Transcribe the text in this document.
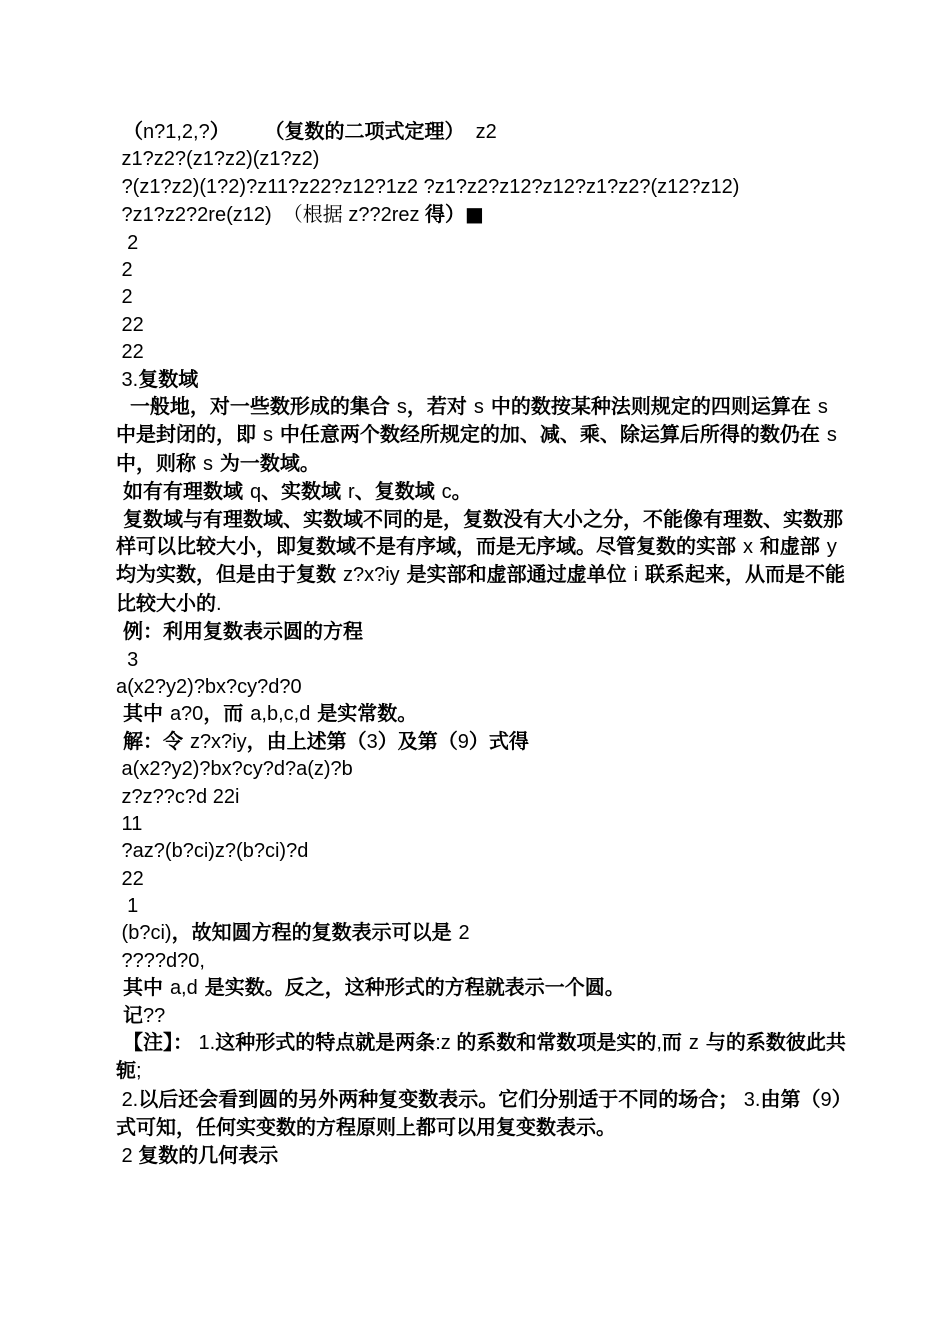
（n?1,2,?）     （复数的二项式定理）  z2
z1?z2?(z1?z2)(z1?z2)
?(z1?z2)(1?2)?z11?z22?z12?1z2 ?z1?z2?z12?z12?z1?z2?(z12?z12)
?z1?z2?2re(z12)  （根据 z??2rez 得）■
2
2
2
22
22
3.复数域
一般地，对一些数形成的集合 s，若对 s 中的数按某种法则规定的四则运算在 s 中是封闭的，即 s 中任意两个数经所规定的加、减、乘、除运算后所得的数仍在 s 中，则称 s 为一数域。
如有有理数域 q、实数域 r、复数域 c。
复数域与有理数域、实数域不同的是，复数没有大小之分，不能像有理数、实数那样可以比较大小，即复数域不是有序域，而是无序域。尽管复数的实部 x 和虚部 y 均为实数，但是由于复数 z?x?iy 是实部和虚部通过虚单位 i 联系起来，从而是不能比较大小的.
例：利用复数表示圆的方程
3
a(x2?y2)?bx?cy?d?0
其中 a?0，而 a,b,c,d 是实常数。
解：令 z?x?iy，由上述第（3）及第（9）式得
a(x2?y2)?bx?cy?d?a(z)?b
z?z??c?d 22i
11
?az?(b?ci)z?(b?ci)?d
22
1
(b?ci)，故知圆方程的复数表示可以是 2
????d?0,
其中 a,d 是实数。反之，这种形式的方程就表示一个圆。
记??
【注】： 1.这种形式的特点就是两条:z 的系数和常数项是实的,而 z 与的系数彼此共轭;
2.以后还会看到圆的另外两种复变数表示。它们分别适于不同的场合； 3.由第（9）式可知，任何实变数的方程原则上都可以用复变数表示。
2 复数的几何表示
